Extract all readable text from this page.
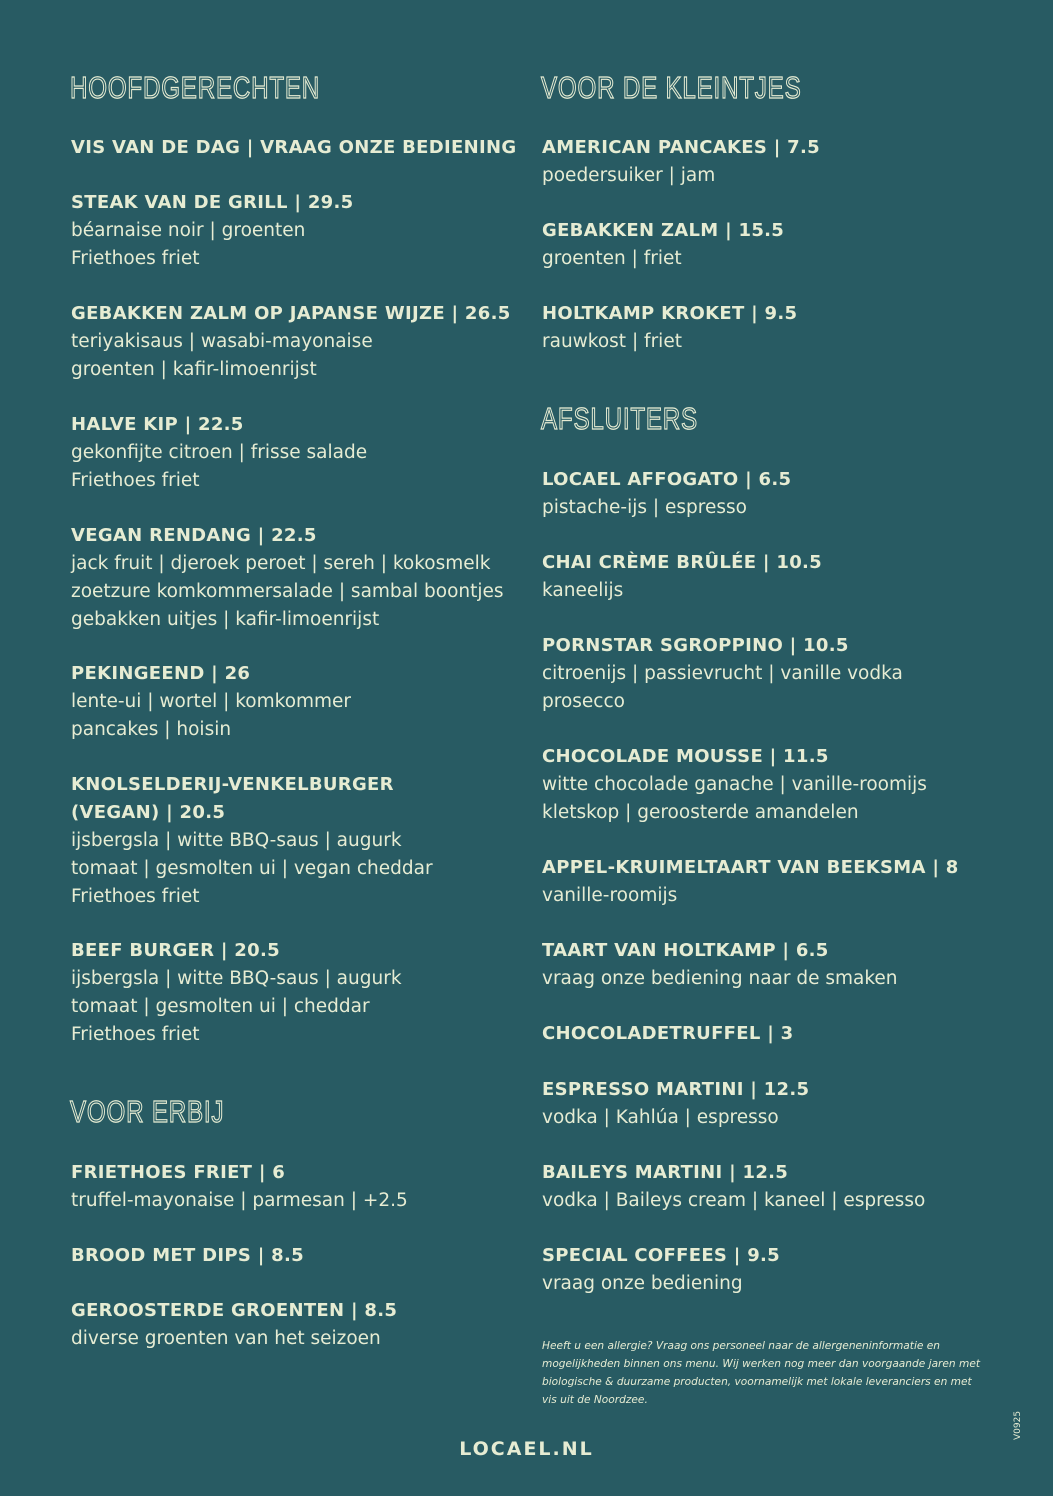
HOOFDGERECHTEN
VIS VAN DE DAG | VRAAG ONZE BEDIENING
STEAK VAN DE GRILL | 29.5
béarnaise noir | groenten
Friethoes friet
GEBAKKEN ZALM OP JAPANSE WIJZE | 26.5
teriyakisaus | wasabi-mayonaise
groenten | kafir-limoenrijst
HALVE KIP | 22.5
gekonfijte citroen | frisse salade
Friethoes friet
VEGAN RENDANG | 22.5
jack fruit | djeroek peroet | sereh | kokosmelk
zoetzure komkommersalade | sambal boontjes
gebakken uitjes | kafir-limoenrijst
PEKINGEEND | 26
lente-ui | wortel | komkommer
pancakes | hoisin
KNOLSELDERIJ-VENKELBURGER (VEGAN) | 20.5
ijsbergsla | witte BBQ-saus | augurk
tomaat | gesmolten ui | vegan cheddar
Friethoes friet
BEEF BURGER | 20.5
ijsbergsla | witte BBQ-saus | augurk
tomaat | gesmolten ui | cheddar
Friethoes friet
VOOR ERBIJ
FRIETHOES FRIET | 6
truffel-mayonaise | parmesan | +2.5
BROOD MET DIPS | 8.5
GEROOSTERDE GROENTEN | 8.5
diverse groenten van het seizoen
VOOR DE KLEINTJES
AMERICAN PANCAKES | 7.5
poedersuiker | jam
GEBAKKEN ZALM | 15.5
groenten | friet
HOLTKAMP KROKET | 9.5
rauwkost | friet
AFSLUITERS
LOCAEL AFFOGATO | 6.5
pistache-ijs | espresso
CHAI CRÈME BRÛLÉE | 10.5
kaneelijs
PORNSTAR SGROPPINO | 10.5
citroenijs | passievrucht | vanille vodka
prosecco
CHOCOLADE MOUSSE | 11.5
witte chocolade ganache | vanille-roomijs
kletskop | geroosterde amandelen
APPEL-KRUIMELTAART VAN BEEKSMA | 8
vanille-roomijs
TAART VAN HOLTKAMP | 6.5
vraag onze bediening naar de smaken
CHOCOLADETRUFFEL | 3
ESPRESSO MARTINI | 12.5
vodka | Kahlúa | espresso
BAILEYS MARTINI | 12.5
vodka | Baileys cream | kaneel | espresso
SPECIAL COFFEES | 9.5
vraag onze bediening
Heeft u een allergie? Vraag ons personeel naar de allergeneninformatie en mogelijkheden binnen ons menu. Wij werken nog meer dan voorgaande jaren met biologische & duurzame producten, voornamelijk met lokale leveranciers en met vis uit de Noordzee.
LOCAEL.NL
V0925
